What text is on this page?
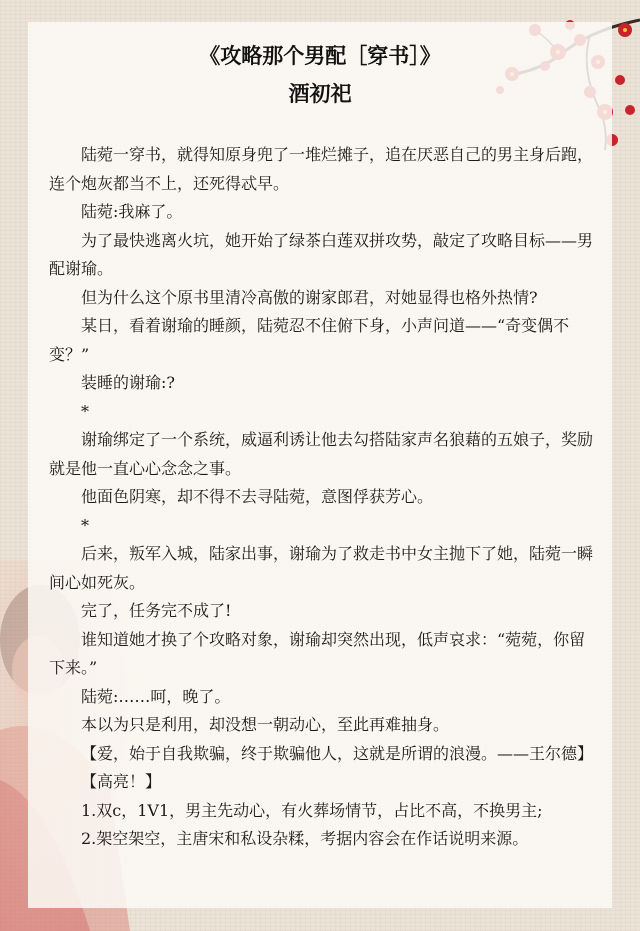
《攻略那个男配［穿书］》
酒初祀

陆菀一穿书，就得知原身兜了一堆烂摊子，追在厌恶自己的男主身后跑，连个炮灰都当不上，还死得忒早。

陆菀:我麻了。

为了最快逃离火坑，她开始了绿茶白莲双拼攻势，敲定了攻略目标——男配谢瑜。

但为什么这个原书里清冷高傲的谢家郎君，对她显得也格外热情?

某日，看着谢瑜的睡颜，陆菀忍不住俯下身，小声问道——“奇变偶不变？”

装睡的谢瑜:?

*

谢瑜绑定了一个系统，威逼利诱让他去勾搭陆家声名狼藉的五娘子，奖励就是他一直心心念念之事。

他面色阴寒，却不得不去寻陆菀，意图俘获芳心。

*

后来，叛军入城，陆家出事，谢瑜为了救走书中女主抛下了她，陆菀一瞬间心如死灰。

完了，任务完不成了!

谁知道她才换了个攻略对象，谢瑜却突然出现，低声哀求：“菀菀，你留下来。”

陆菀:……呵，晚了。

本以为只是利用，却没想一朝动心，至此再难抽身。

【爱，始于自我欺骗，终于欺骗他人，这就是所谓的浪漫。——王尔德】

【高亮！】

1.双c，1V1，男主先动心，有火葬场情节，占比不高，不换男主;

2.架空架空，主唐宋和私设杂糅，考据内容会在作话说明来源。
